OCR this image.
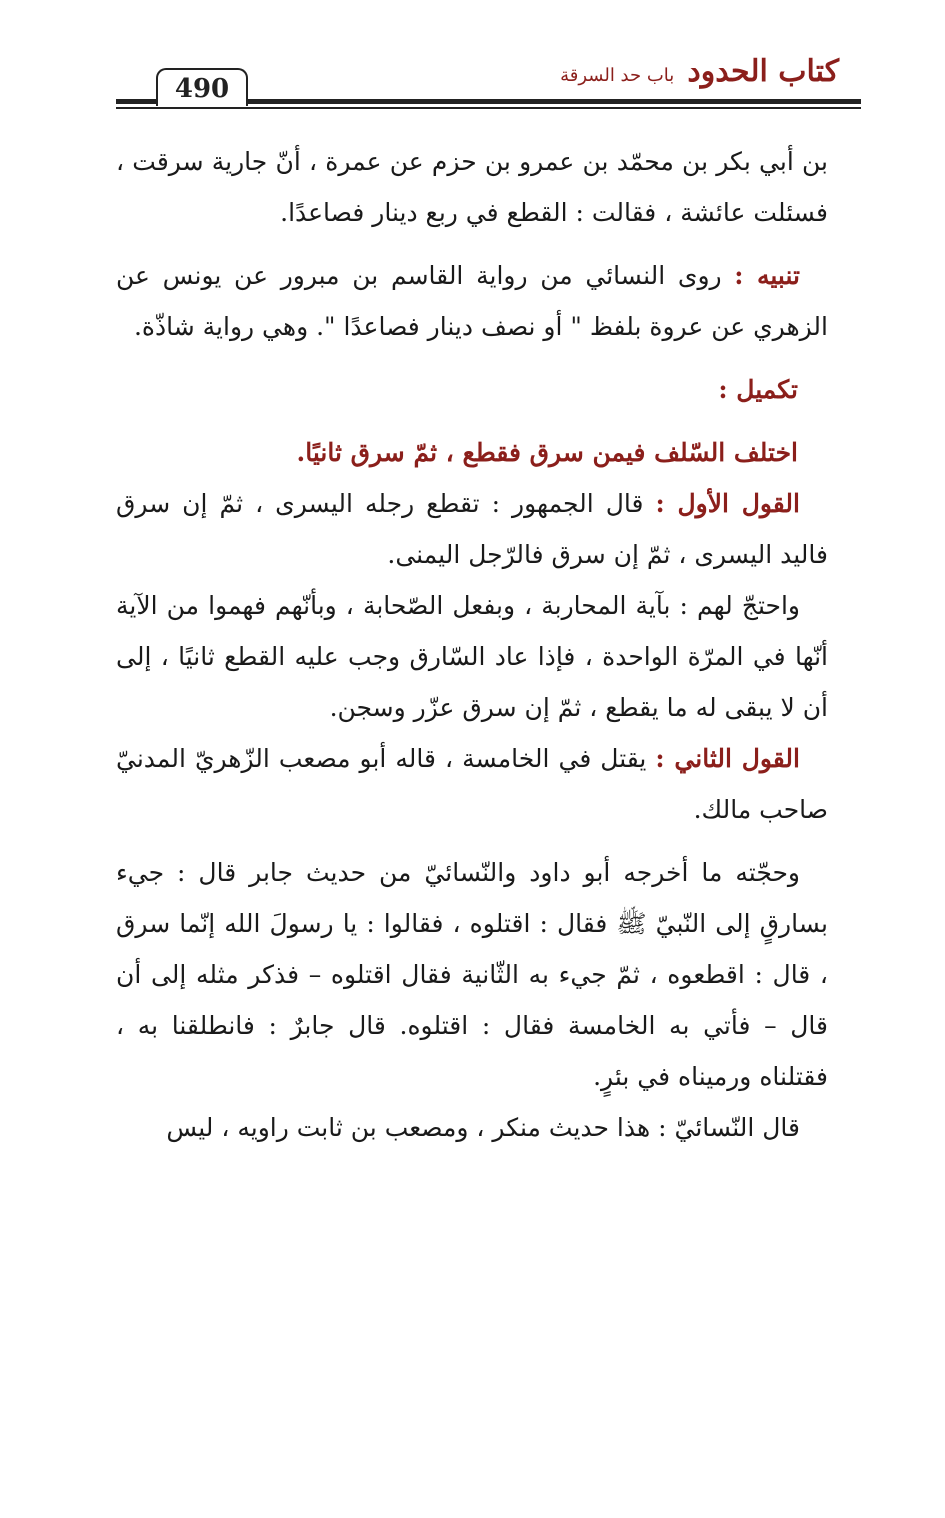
كتاب الحدود باب حد السرقة
490

بن أبي بكر بن محمّد بن عمرو بن حزم عن عمرة ، أنّ جارية سرقت ، فسئلت عائشة ، فقالت : القطع في ربع دينار فصاعدًا.

تنبيه : روى النسائي من رواية القاسم بن مبرور عن يونس عن الزهري عن عروة بلفظ " أو نصف دينار فصاعدًا ". وهي رواية شاذّة.

تكميل :

اختلف السّلف فيمن سرق فقطع ، ثمّ سرق ثانيًا.

القول الأول : قال الجمهور : تقطع رجله اليسرى ، ثمّ إن سرق فاليد اليسرى ، ثمّ إن سرق فالرّجل اليمنى.

واحتجّ لهم : بآية المحاربة ، وبفعل الصّحابة ، وبأنّهم فهموا من الآية أنّها في المرّة الواحدة ، فإذا عاد السّارق وجب عليه القطع ثانيًا ، إلى أن لا يبقى له ما يقطع ، ثمّ إن سرق عزّر وسجن.

القول الثاني : يقتل في الخامسة ، قاله أبو مصعب الزّهريّ المدنيّ صاحب مالك.

وحجّته ما أخرجه أبو داود والنّسائيّ من حديث جابر قال : جيء بسارقٍ إلى النّبيّ ﷺ فقال : اقتلوه ، فقالوا : يا رسولَ الله إنّما سرق ، قال : اقطعوه ، ثمّ جيء به الثّانية فقال اقتلوه – فذكر مثله إلى أن قال – فأتي به الخامسة فقال : اقتلوه. قال جابرٌ : فانطلقنا به ، فقتلناه ورميناه في بئرٍ.

قال النّسائيّ : هذا حديث منكر ، ومصعب بن ثابت راويه ، ليس
